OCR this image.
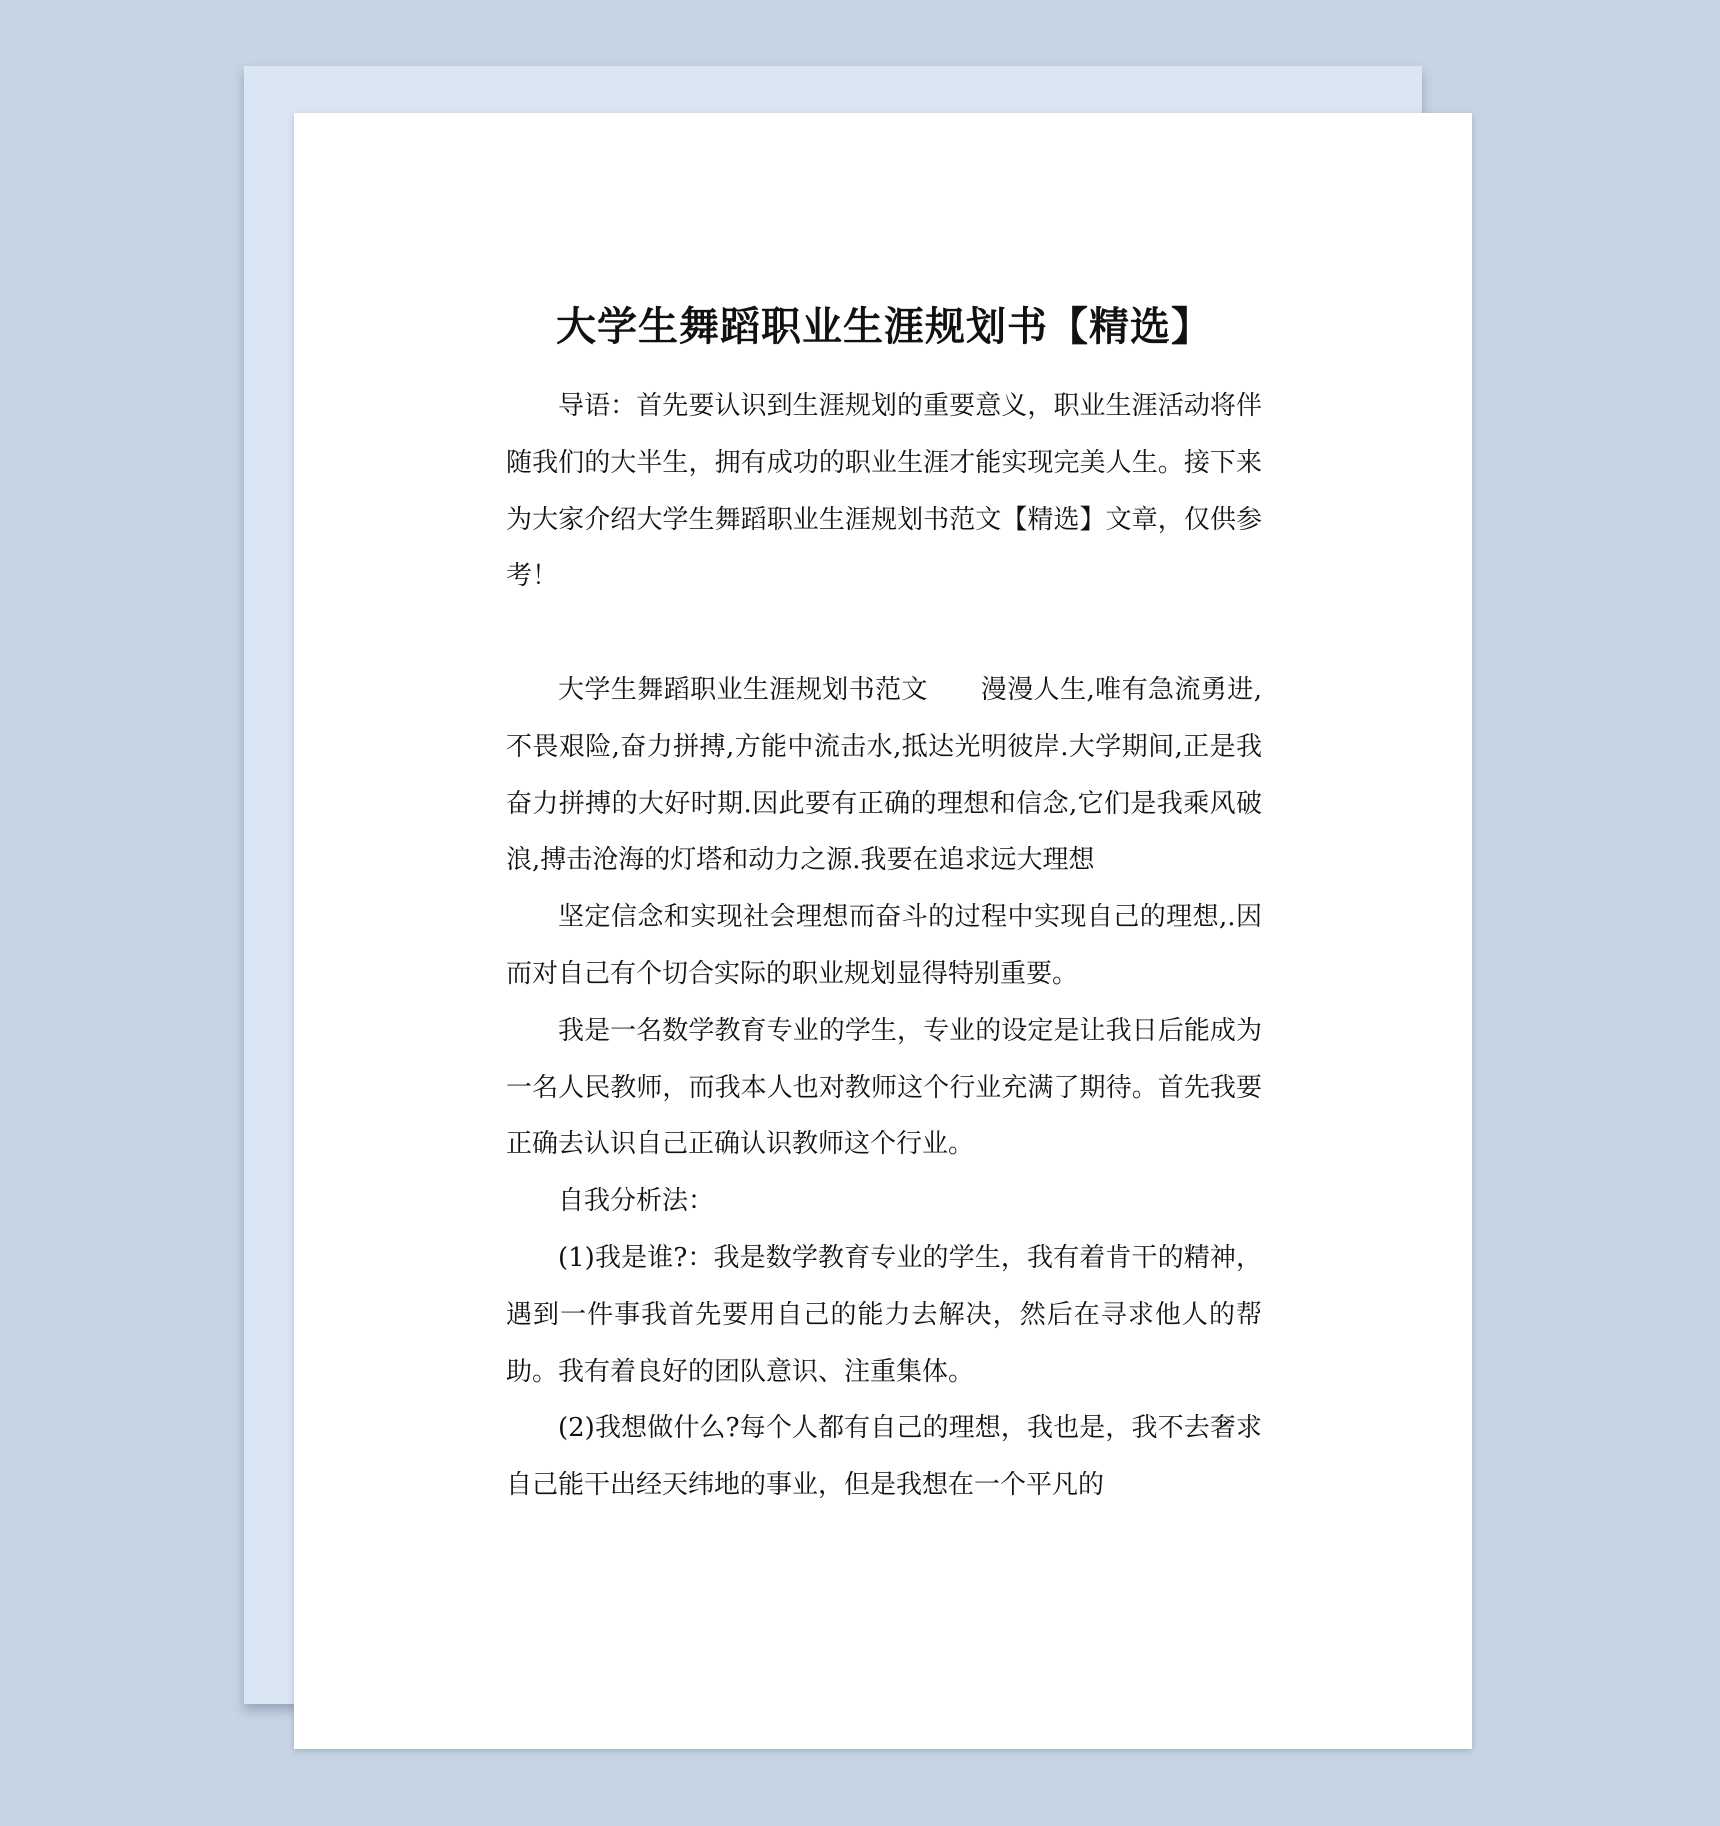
大学生舞蹈职业生涯规划书【精选】

导语：首先要认识到生涯规划的重要意义，职业生涯活动将伴随我们的大半生，拥有成功的职业生涯才能实现完美人生。接下来为大家介绍大学生舞蹈职业生涯规划书范文【精选】文章，仅供参考！

大学生舞蹈职业生涯规划书范文　　漫漫人生,唯有急流勇进,不畏艰险,奋力拼搏,方能中流击水,抵达光明彼岸.大学期间,正是我奋力拼搏的大好时期.因此要有正确的理想和信念,它们是我乘风破浪,搏击沧海的灯塔和动力之源.我要在追求远大理想

坚定信念和实现社会理想而奋斗的过程中实现自己的理想,.因而对自己有个切合实际的职业规划显得特别重要。

我是一名数学教育专业的学生，专业的设定是让我日后能成为一名人民教师，而我本人也对教师这个行业充满了期待。首先我要正确去认识自己正确认识教师这个行业。

自我分析法：

(1)我是谁?：我是数学教育专业的学生，我有着肯干的精神，遇到一件事我首先要用自己的能力去解决，然后在寻求他人的帮助。我有着良好的团队意识、注重集体。

(2)我想做什么?每个人都有自己的理想，我也是，我不去奢求自己能干出经天纬地的事业，但是我想在一个平凡的
